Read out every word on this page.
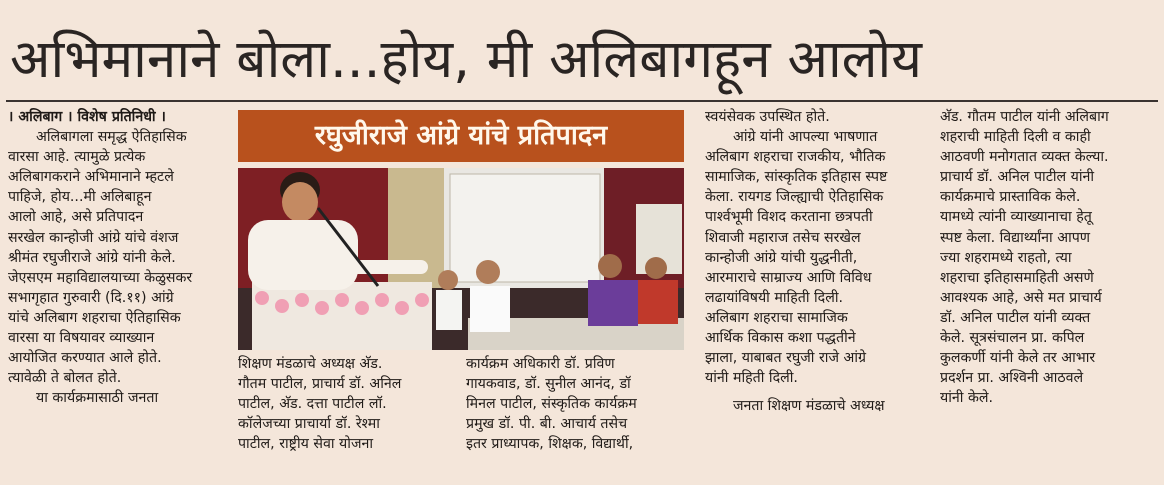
अभिमानाने बोला...होय, मी अलिबागहून आलोय

। अलिबाग । विशेष प्रतिनिधी ।

अलिबागला समृद्ध ऐतिहासिक

वारसा आहे. त्यामुळे प्रत्येक

अलिबागकराने अभिमानाने म्हटले

पाहिजे, होय...मी अलिबाहून

आलो आहे, असे प्रतिपादन

सरखेल कान्होजी आंग्रे यांचे वंशज

श्रीमंत रघुजीराजे आंग्रे यांनी केले.

जेएसएम महाविद्यालयाच्या केळुसकर

सभागृहात गुरुवारी (दि.११) आंग्रे

यांचे अलिबाग शहराचा ऐतिहासिक

वारसा या विषयावर व्याख्यान

आयोजित करण्यात आले होते.

त्यावेळी ते बोलत होते.

या कार्यक्रमासाठी जनता

रघुजीराजे आंग्रे यांचे प्रतिपादन

शिक्षण मंडळाचे अध्यक्ष अ‍ॅड.

गौतम पाटील, प्राचार्य डॉ. अनिल

पाटील, अ‍ॅड. दत्ता पाटील लॉ.

कॉलेजच्या प्राचार्या डॉ. रेश्मा

पाटील, राष्ट्रीय सेवा योजना

कार्यक्रम अधिकारी डॉ. प्रविण

गायकवाड, डॉ. सुनील आनंद, डॉ

मिनल पाटील, संस्कृतिक कार्यक्रम

प्रमुख डॉ. पी. बी. आचार्य तसेच

इतर प्राध्यापक, शिक्षक, विद्यार्थी,

स्वयंसेवक उपस्थित होते.

आंग्रे यांनी आपल्या भाषणात

अलिबाग शहराचा राजकीय, भौतिक

सामाजिक, सांस्कृतिक इतिहास स्पष्ट

केला. रायगड जिल्ह्याची ऐतिहासिक

पार्श्वभूमी विशद करताना छत्रपती

शिवाजी महाराज तसेच सरखेल

कान्होजी आंग्रे यांची युद्धनीती,

आरमाराचे साम्राज्य आणि विविध

लढायांविषयी माहिती दिली.

अलिबाग शहराचा सामाजिक

आर्थिक विकास कशा पद्धतीने

झाला, याबाबत रघुजी राजे आंग्रे

यांनी महिती दिली.

जनता शिक्षण मंडळाचे अध्यक्ष

अ‍ॅड. गौतम पाटील यांनी अलिबाग

शहराची माहिती दिली व काही

आठवणी मनोगतात व्यक्त केल्या.

प्राचार्य डॉ. अनिल पाटील यांनी

कार्यक्रमाचे प्रास्ताविक केले.

यामध्ये त्यांनी व्याख्यानाचा हेतू

स्पष्ट केला. विद्यार्थ्यांना आपण

ज्या शहरामध्ये राहतो, त्या

शहराचा इतिहासमाहिती असणे

आवश्यक आहे, असे मत प्राचार्य

डॉ. अनिल पाटील यांनी व्यक्त

केले. सूत्रसंचालन प्रा. कपिल

कुलकर्णी यांनी केले तर आभार

प्रदर्शन प्रा. अश्विनी आठवले

यांनी केले.
